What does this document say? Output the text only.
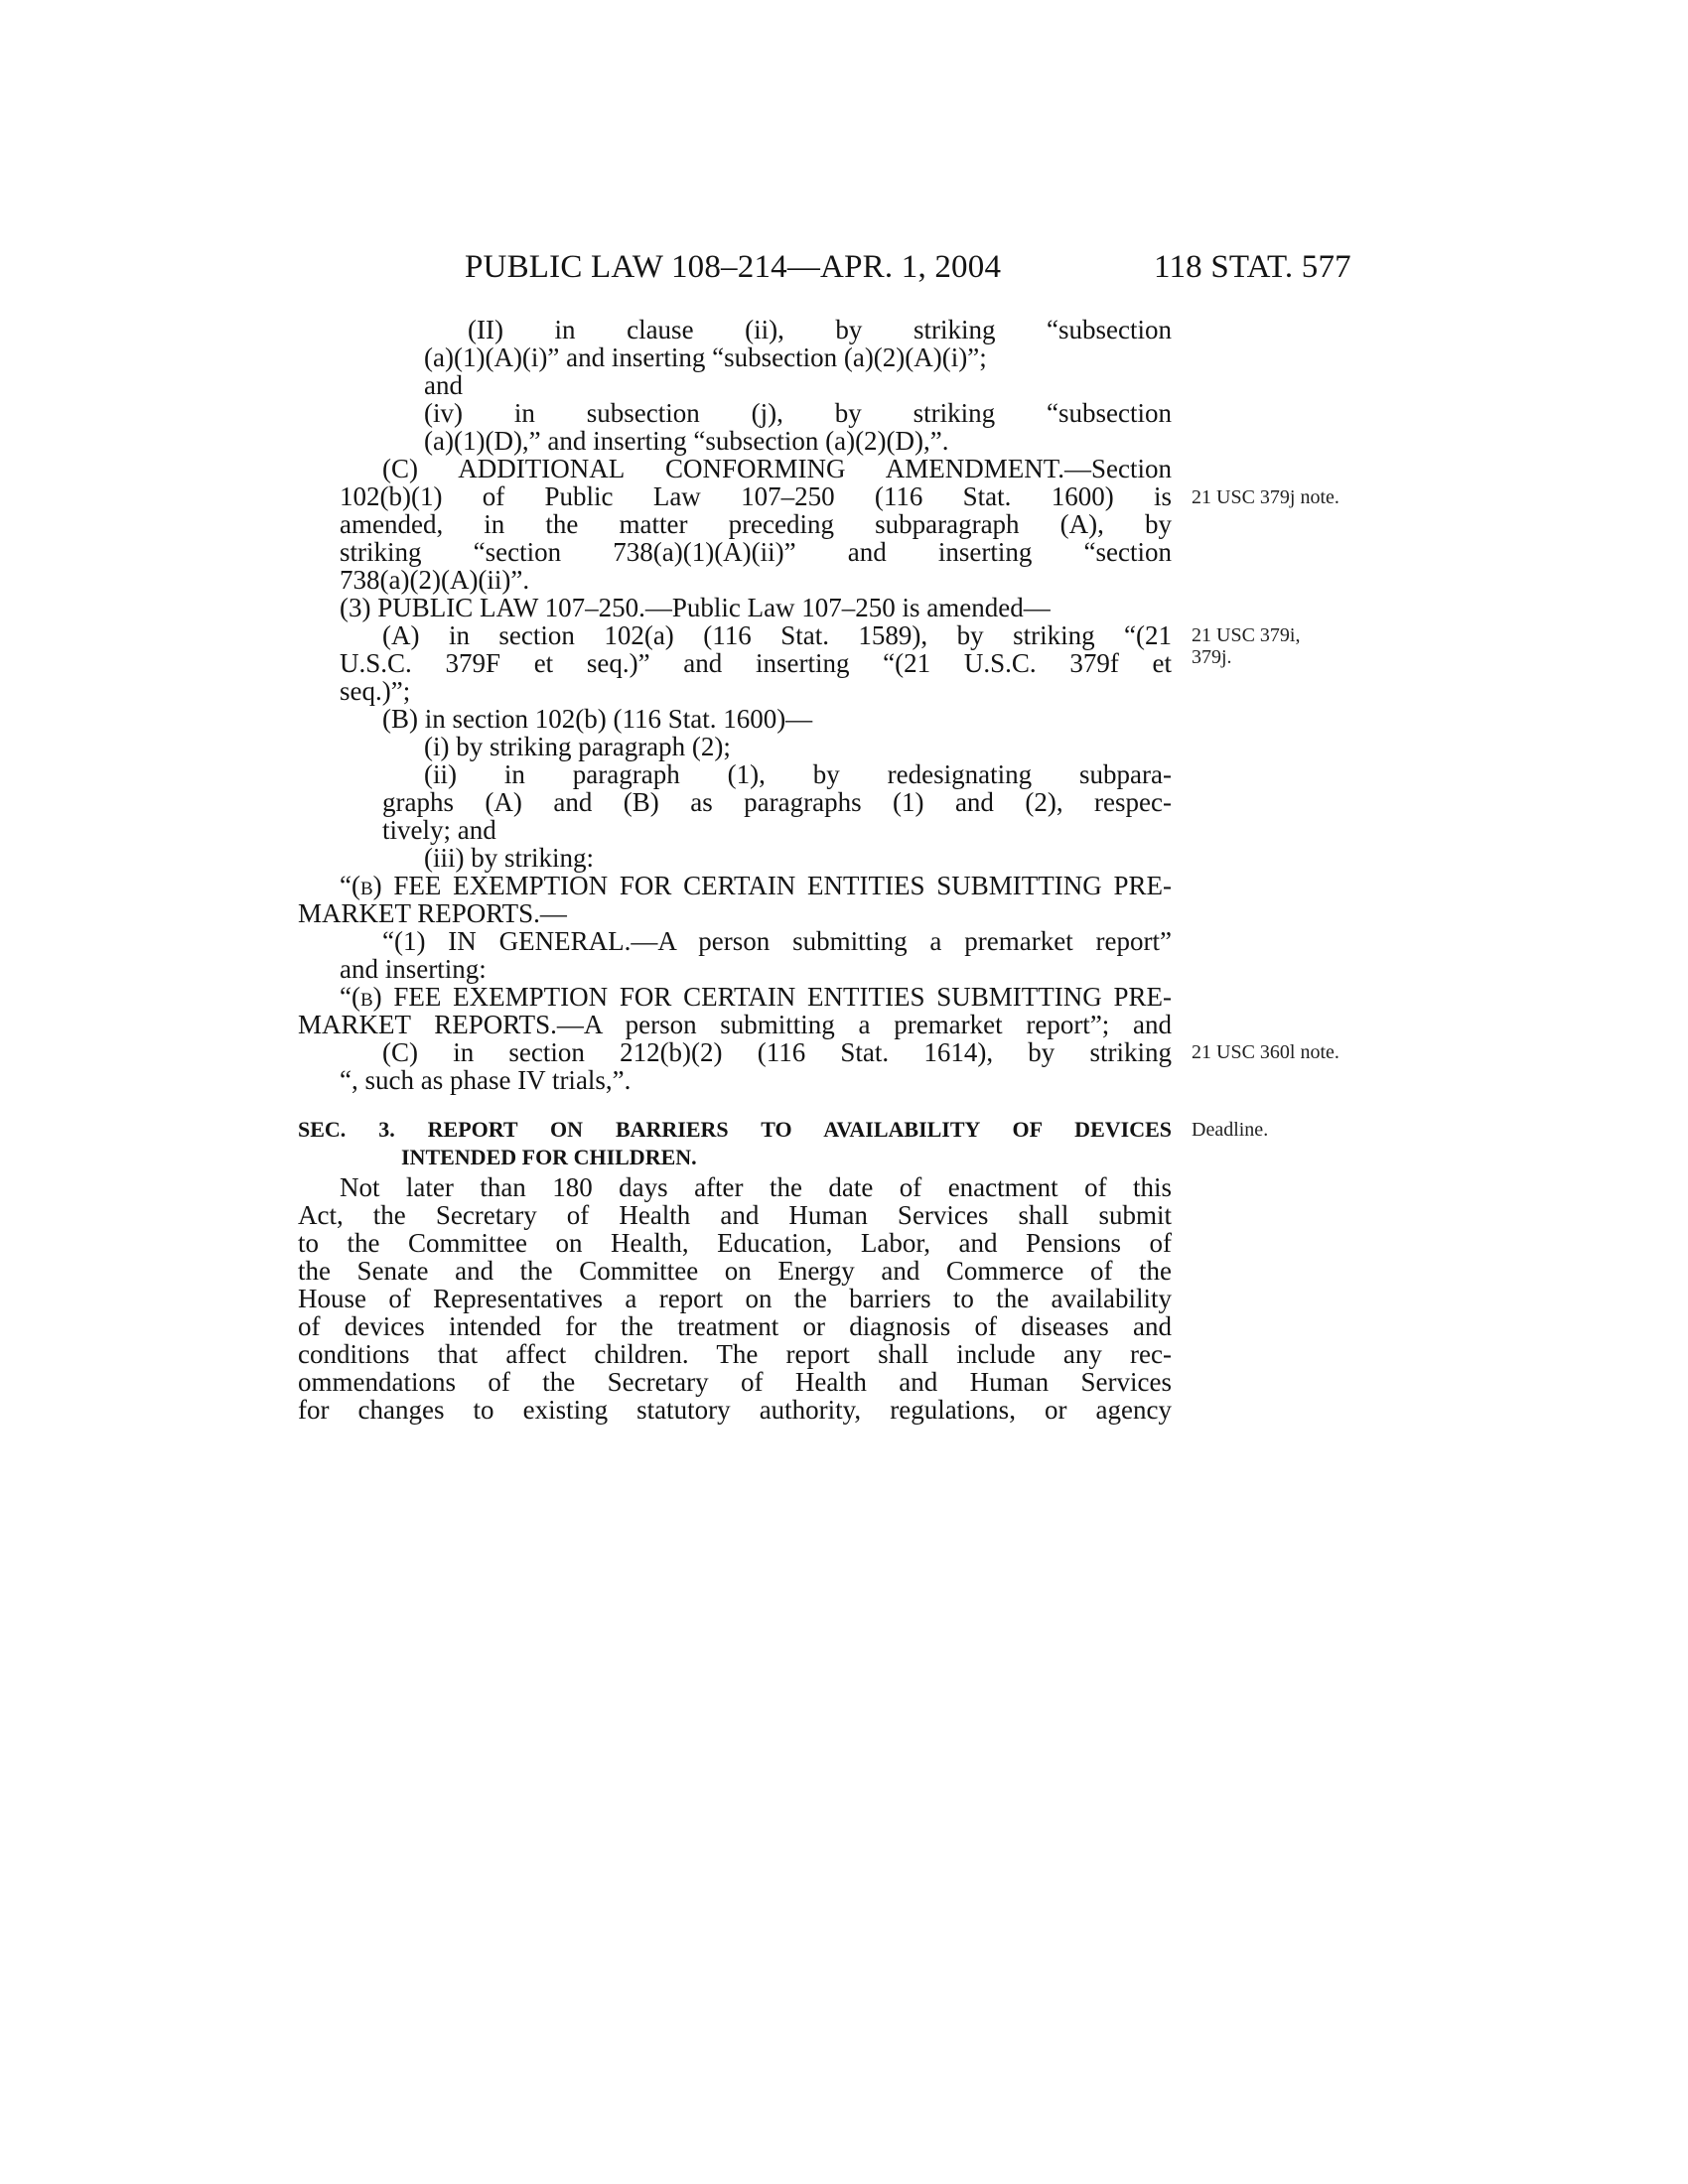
PUBLIC LAW 108–214—APR. 1, 2004	118 STAT. 577
(II) in clause (ii), by striking “subsection
(a)(1)(A)(i)” and inserting “subsection (a)(2)(A)(i)”;
and
(iv) in subsection (j), by striking “subsection
(a)(1)(D),” and inserting “subsection (a)(2)(D),”.
(C) ADDITIONAL CONFORMING AMENDMENT.—Section
102(b)(1) of Public Law 107–250 (116 Stat. 1600) is
amended, in the matter preceding subparagraph (A), by
striking “section 738(a)(1)(A)(ii)” and inserting “section
738(a)(2)(A)(ii)”.
(3) PUBLIC LAW 107–250.—Public Law 107–250 is amended—
(A) in section 102(a) (116 Stat. 1589), by striking “(21
U.S.C. 379F et seq.)” and inserting “(21 U.S.C. 379f et
seq.)”;
(B) in section 102(b) (116 Stat. 1600)—
(i) by striking paragraph (2);
(ii) in paragraph (1), by redesignating subpara-
graphs (A) and (B) as paragraphs (1) and (2), respec-
tively; and
(iii) by striking:
“(b) FEE EXEMPTION FOR CERTAIN ENTITIES SUBMITTING PRE-
MARKET REPORTS.—
“(1) IN GENERAL.—A person submitting a premarket report”
and inserting:
“(b) FEE EXEMPTION FOR CERTAIN ENTITIES SUBMITTING PRE-
MARKET REPORTS.—A person submitting a premarket report”; and
(C) in section 212(b)(2) (116 Stat. 1614), by striking
“, such as phase IV trials,”.
21 USC 379j note.
21 USC 379i, 379j.
21 USC 360l note.
Deadline.
SEC. 3. REPORT ON BARRIERS TO AVAILABILITY OF DEVICES
INTENDED FOR CHILDREN.
Not later than 180 days after the date of enactment of this
Act, the Secretary of Health and Human Services shall submit
to the Committee on Health, Education, Labor, and Pensions of
the Senate and the Committee on Energy and Commerce of the
House of Representatives a report on the barriers to the availability
of devices intended for the treatment or diagnosis of diseases and
conditions that affect children. The report shall include any rec-
ommendations of the Secretary of Health and Human Services
for changes to existing statutory authority, regulations, or agency
